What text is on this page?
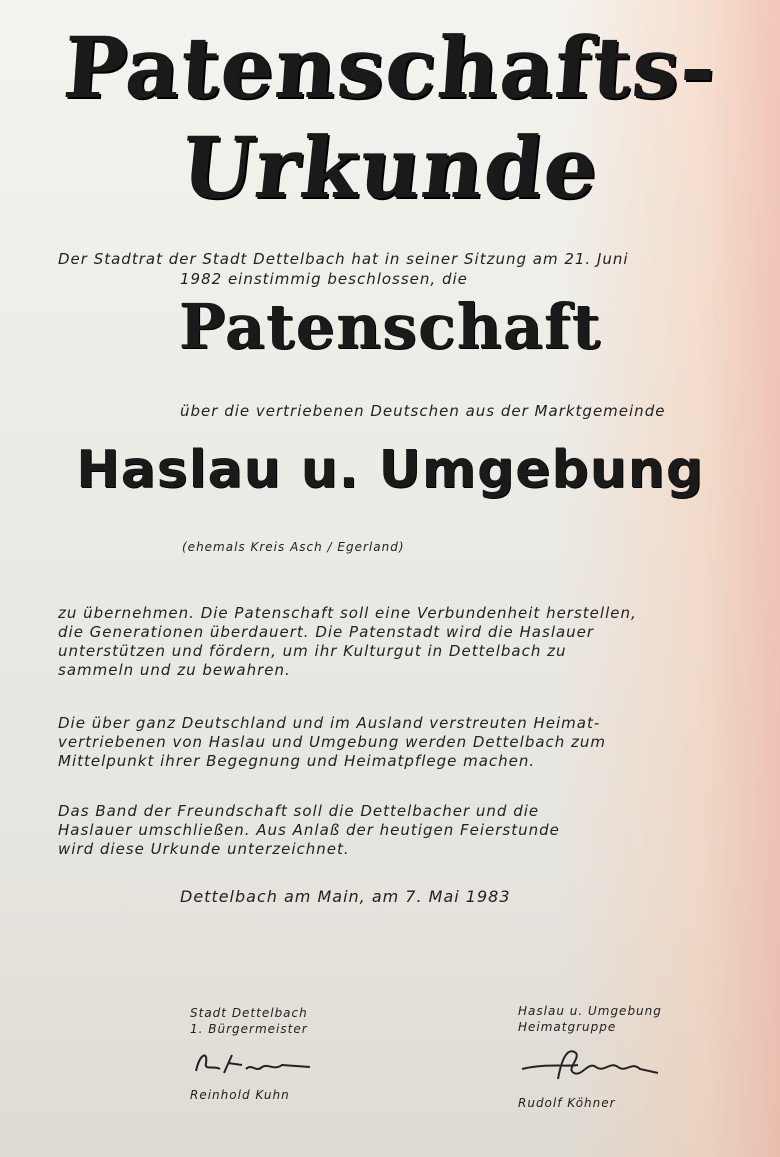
Patenschafts-
Urkunde
Der Stadtrat der Stadt Dettelbach hat in seiner Sitzung am 21. Juni
1982 einstimmig beschlossen, die
Patenschaft
über die vertriebenen Deutschen aus der Marktgemeinde
Haslau u. Umgebung
(ehemals Kreis Asch / Egerland)
zu übernehmen. Die Patenschaft soll eine Verbundenheit herstellen,
die Generationen überdauert. Die Patenstadt wird die Haslauer
unterstützen und fördern, um ihr Kulturgut in Dettelbach zu
sammeln und zu bewahren.
Die über ganz Deutschland und im Ausland verstreuten Heimat-
vertriebenen von Haslau und Umgebung werden Dettelbach zum
Mittelpunkt ihrer Begegnung und Heimatpflege machen.
Das Band der Freundschaft soll die Dettelbacher und die
Haslauer umschließen. Aus Anlaß der heutigen Feierstunde
wird diese Urkunde unterzeichnet.
Dettelbach am Main, am 7. Mai 1983
Stadt Dettelbach
1. Bürgermeister
Reinhold Kuhn
Haslau u. Umgebung
Heimatgruppe
Rudolf Köhner
